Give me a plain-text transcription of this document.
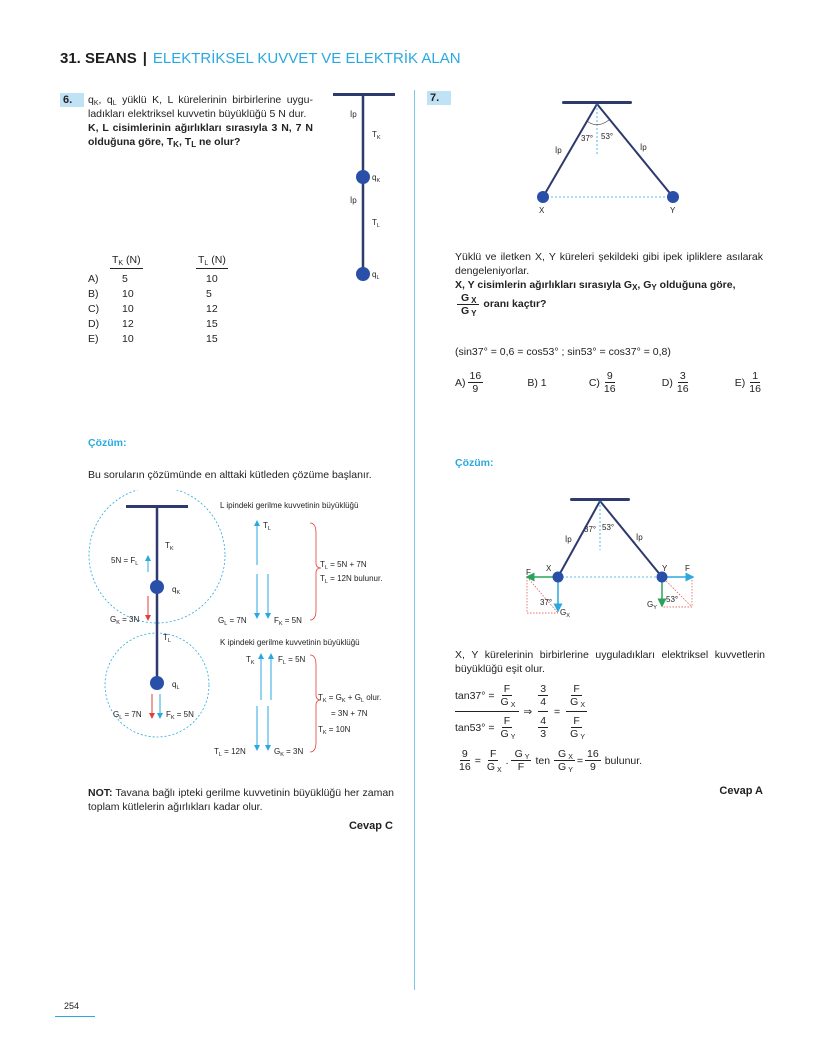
31. SEANS | ELEKTRİKSEL KUVVET VE ELEKTRİK ALAN
6.	$q_K$, $q_L$ yüklü K, L kürelerinin birbirlerine uyguladıkları elektriksel kuvvetin büyüklüğü 5 N dur.
K, L cisimlerinin ağırlıkları sırasıyla 3 N, 7 N olduğuna göre, $T_K$, $T_L$ ne olur?
	$T_K$ (N)	$T_L$ (N)
A)	5	10
B)	10	5
C)	10	12
D)	12	15
E)	10	15
İp
$T_K$
$q_K$
İp
$T_L$
$q_L$
Çözüm:
Bu soruların çözümünde en alttaki kütleden çözüme başlanır.
$T_K$
$5N = F_L$
$q_K$
$G_K = 3N$
$T_L$
$q_L$
$G_L = 7N$	$F_K = 5N$
L ipindeki gerilme kuvvetinin büyüklüğü
$T_L$
$G_L = 7N$	$F_K = 5N$
$T_L = 5N + 7N$
$T_L = 12N$ bulunur.
K ipindeki gerilme kuvvetinin büyüklüğü
$T_K$	$F_L = 5N$
$T_L = 12N$	$G_K = 3N$
$T_K = G_K + G_L$ olur.
= 3N + 7N
$T_K = 10N$
NOT: Tavana bağlı ipteki gerilme kuvvetinin büyüklüğü her zaman toplam kütlelerin ağırlıkları kadar olur.
Cevap C
7.
37° 53°
İp	İp
X	Y
Yüklü ve iletken X, Y küreleri şekildeki gibi ipek ipliklere asılarak dengeleniyorlar.
X, Y cisimlerin ağırlıkları sırasıyla $G_X$, $G_Y$ olduğuna göre,

$\frac{G _X}{G _Y}$ oranı kaçtır?
(sin37° = 0,6 = cos53° ; sin53° = cos37° = 0,8)
$A) \frac{16}{9}$	B) 1	$C) \frac{9}{16}$	$D) \frac{3}{16}$	$E) \frac{1}{16}$
Çözüm:
37° 53°
İp	İp
X	Y
F	F
37°	53°
$G_X$
$G_Y$
X, Y kürelerinin birbirlerine uyguladıkları elektriksel kuvvetlerin büyüklüğü eşit olur.
$\tan 37^\circ = \frac{F}{G _X}$
$\tan 53^\circ = \frac{F}{G _Y}$
⇒ $\frac{3}{4}$
$\frac{4}{3}$
= $\frac{F}{G _X}$
$\frac{F}{G _Y}$
$\frac{9}{16} = \frac{F}{G _X}$ . $\frac{G _Y}{F}$ ten $\frac{G _X}{G _Y} = \frac{16}{9}$ bulunur.
Cevap A
254
